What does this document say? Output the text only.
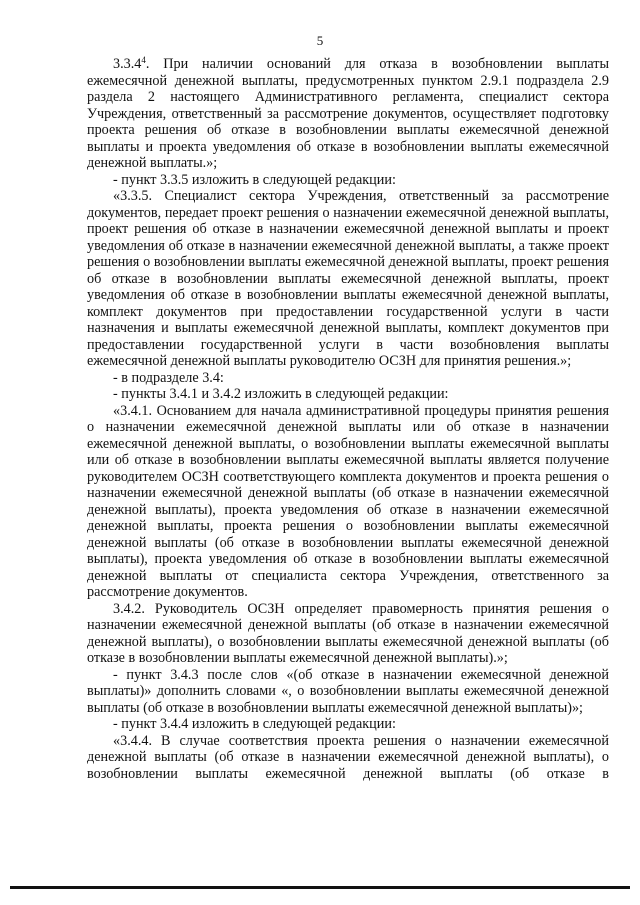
5

3.3.4$^4$. При наличии оснований для отказа в возобновлении выплаты ежемесячной денежной выплаты, предусмотренных пунктом 2.9.1 подраздела 2.9 раздела 2 настоящего Административного регламента, специалист сектора Учреждения, ответственный за рассмотрение документов, осуществляет подготовку проекта решения об отказе в возобновлении выплаты ежемесячной денежной выплаты и проекта уведомления об отказе в возобновлении выплаты ежемесячной денежной выплаты.»;

- пункт 3.3.5 изложить в следующей редакции:

«3.3.5. Специалист сектора Учреждения, ответственный за рассмотрение документов, передает проект решения о назначении ежемесячной денежной выплаты, проект решения об отказе в назначении ежемесячной денежной выплаты и проект уведомления об отказе в назначении ежемесячной денежной выплаты, а также проект решения о возобновлении выплаты ежемесячной денежной выплаты, проект решения об отказе в возобновлении выплаты ежемесячной денежной выплаты, проект уведомления об отказе в возобновлении выплаты ежемесячной денежной выплаты, комплект документов при предоставлении государственной услуги в части назначения и выплаты ежемесячной денежной выплаты, комплект документов при предоставлении государственной услуги в части возобновления выплаты ежемесячной денежной выплаты руководителю ОСЗН для принятия решения.»;

- в подразделе 3.4:

- пункты 3.4.1 и 3.4.2 изложить в следующей редакции:

«3.4.1. Основанием для начала административной процедуры принятия решения о назначении ежемесячной денежной выплаты или об отказе в назначении ежемесячной денежной выплаты, о возобновлении выплаты ежемесячной выплаты или об отказе в возобновлении выплаты ежемесячной выплаты является получение руководителем ОСЗН соответствующего комплекта документов и проекта решения о назначении ежемесячной денежной выплаты (об отказе в назначении ежемесячной денежной выплаты), проекта уведомления об отказе в назначении ежемесячной денежной выплаты, проекта решения о возобновлении выплаты ежемесячной денежной выплаты (об отказе в возобновлении выплаты ежемесячной денежной выплаты), проекта уведомления об отказе в возобновлении выплаты ежемесячной денежной выплаты от специалиста сектора Учреждения, ответственного за рассмотрение документов.

3.4.2. Руководитель ОСЗН определяет правомерность принятия решения о назначении ежемесячной денежной выплаты (об отказе в назначении ежемесячной денежной выплаты), о возобновлении выплаты ежемесячной денежной выплаты (об отказе в возобновлении выплаты ежемесячной денежной выплаты).»;

- пункт 3.4.3 после слов «(об отказе в назначении ежемесячной денежной выплаты)» дополнить словами «, о возобновлении выплаты ежемесячной денежной выплаты (об отказе в возобновлении выплаты ежемесячной денежной выплаты)»;

- пункт 3.4.4 изложить в следующей редакции:

«3.4.4. В случае соответствия проекта решения о назначении ежемесячной денежной выплаты (об отказе в назначении ежемесячной денежной выплаты), о возобновлении выплаты ежемесячной денежной выплаты (об отказе в
